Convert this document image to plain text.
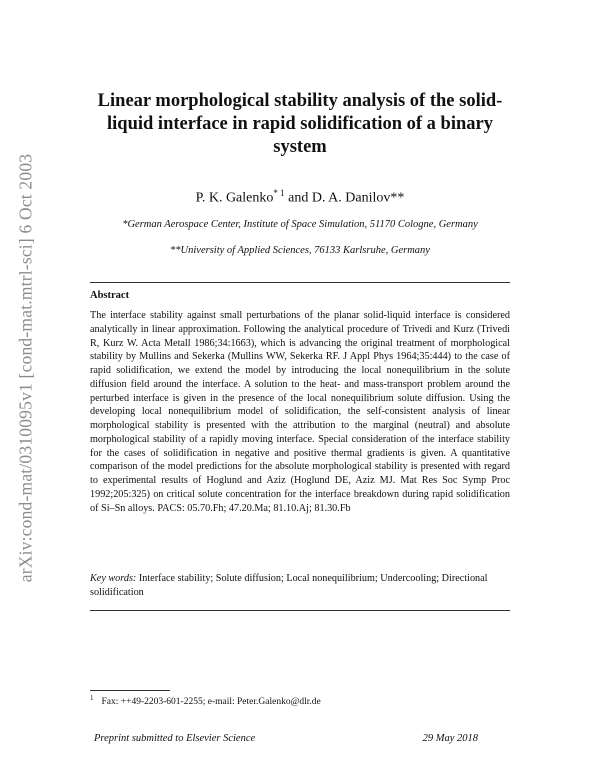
arXiv:cond-mat/0310095v1 [cond-mat.mtrl-sci] 6 Oct 2003
Linear morphological stability analysis of the solid-liquid interface in rapid solidification of a binary system
P. K. Galenko$^{* 1}$ and D. A. Danilov**
*German Aerospace Center, Institute of Space Simulation, 51170 Cologne, Germany
**University of Applied Sciences, 76133 Karlsruhe, Germany
Abstract
The interface stability against small perturbations of the planar solid-liquid interface is considered analytically in linear approximation. Following the analytical procedure of Trivedi and Kurz (Trivedi R, Kurz W. Acta Metall 1986;34:1663), which is advancing the original treatment of morphological stability by Mullins and Sekerka (Mullins WW, Sekerka RF. J Appl Phys 1964;35:444) to the case of rapid solidification, we extend the model by introducing the local nonequilibrium in the solute diffusion field around the interface. A solution to the heat- and mass-transport problem around the perturbed interface is given in the presence of the local nonequilibrium solute diffusion. Using the developing local nonequilibrium model of solidification, the self-consistent analysis of linear morphological stability is presented with the attribution to the marginal (neutral) and absolute morphological stability of a rapidly moving interface. Special consideration of the interface stability for the cases of solidification in negative and positive thermal gradients is given. A quantitative comparison of the model predictions for the absolute morphological stability is presented with regard to experimental results of Hoglund and Aziz (Hoglund DE, Aziz MJ. Mat Res Soc Symp Proc 1992;205:325) on critical solute concentration for the interface breakdown during rapid solidification of Si–Sn alloys. PACS: 05.70.Fh; 47.20.Ma; 81.10.Aj; 81.30.Fb
Key words: Interface stability; Solute diffusion; Local nonequilibrium; Undercooling; Directional solidification
$^1$ Fax: ++49-2203-601-2255; e-mail: Peter.Galenko@dlr.de
Preprint submitted to Elsevier Science	29 May 2018
